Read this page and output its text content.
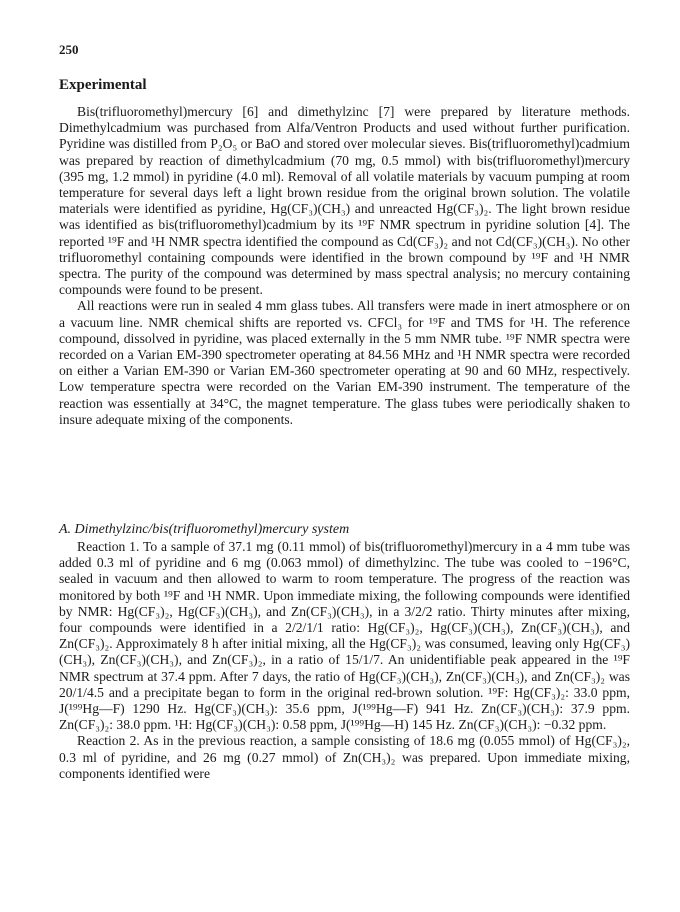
250
Experimental

Bis(trifluoromethyl)mercury [6] and dimethylzinc [7] were prepared by literature methods. Dimethylcadmium was purchased from Alfa/Ventron Products and used without further purification. Pyridine was distilled from P₂O₅ or BaO and stored over molecular sieves. Bis(trifluoromethyl)cadmium was prepared by reaction of dimethylcadmium (70 mg, 0.5 mmol) with bis(trifluoromethyl)mercury (395 mg, 1.2 mmol) in pyridine (4.0 ml). Removal of all volatile materials by vacuum pumping at room temperature for several days left a light brown residue from the original brown solution. The volatile materials were identified as pyridine, Hg(CF₃)(CH₃) and unreacted Hg(CF₃)₂. The light brown residue was identified as bis(trifluoromethyl)cadmium by its ¹⁹F NMR spectrum in pyridine solution [4]. The reported ¹⁹F and ¹H NMR spectra identified the compound as Cd(CF₃)₂ and not Cd(CF₃)(CH₃). No other trifluoromethyl containing compounds were identified in the brown compound by ¹⁹F and ¹H NMR spectra. The purity of the compound was determined by mass spectral analysis; no mercury containing compounds were found to be present.

All reactions were run in sealed 4 mm glass tubes. All transfers were made in inert atmosphere or on a vacuum line. NMR chemical shifts are reported vs. CFCl₃ for ¹⁹F and TMS for ¹H. The reference compound, dissolved in pyridine, was placed externally in the 5 mm NMR tube. ¹⁹F NMR spectra were recorded on a Varian EM-390 spectrometer operating at 84.56 MHz and ¹H NMR spectra were recorded on either a Varian EM-390 or Varian EM-360 spectrometer operating at 90 and 60 MHz, respectively. Low temperature spectra were recorded on the Varian EM-390 instrument. The temperature of the reaction was essentially at 34°C, the magnet temperature. The glass tubes were periodically shaken to insure adequate mixing of the components.

A. Dimethylzinc/bis(trifluoromethyl)mercury system

Reaction 1. To a sample of 37.1 mg (0.11 mmol) of bis(trifluoromethyl)mercury in a 4 mm tube was added 0.3 ml of pyridine and 6 mg (0.063 mmol) of dimethylzinc. The tube was cooled to −196°C, sealed in vacuum and then allowed to warm to room temperature. The progress of the reaction was monitored by both ¹⁹F and ¹H NMR. Upon immediate mixing, the following compounds were identified by NMR: Hg(CF₃)₂, Hg(CF₃)(CH₃), and Zn(CF₃)(CH₃), in a 3/2/2 ratio. Thirty minutes after mixing, four compounds were identified in a 2/2/1/1 ratio: Hg(CF₃)₂, Hg(CF₃)(CH₃), Zn(CF₃)(CH₃), and Zn(CF₃)₂. Approximately 8 h after initial mixing, all the Hg(CF₃)₂ was consumed, leaving only Hg(CF₃)(CH₃), Zn(CF₃)(CH₃), and Zn(CF₃)₂, in a ratio of 15/1/7. An unidentifiable peak appeared in the ¹⁹F NMR spectrum at 37.4 ppm. After 7 days, the ratio of Hg(CF₃)(CH₃), Zn(CF₃)(CH₃), and Zn(CF₃)₂ was 20/1/4.5 and a precipitate began to form in the original red-brown solution. ¹⁹F: Hg(CF₃)₂: 33.0 ppm, J(¹⁹⁹Hg—F) 1290 Hz. Hg(CF₃)(CH₃): 35.6 ppm, J(¹⁹⁹Hg—F) 941 Hz. Zn(CF₃)(CH₃): 37.9 ppm. Zn(CF₃)₂: 38.0 ppm. ¹H: Hg(CF₃)(CH₃): 0.58 ppm, J(¹⁹⁹Hg—H) 145 Hz. Zn(CF₃)(CH₃): −0.32 ppm.

Reaction 2. As in the previous reaction, a sample consisting of 18.6 mg (0.055 mmol) of Hg(CF₃)₂, 0.3 ml of pyridine, and 26 mg (0.27 mmol) of Zn(CH₃)₂ was prepared. Upon immediate mixing, components identified were
